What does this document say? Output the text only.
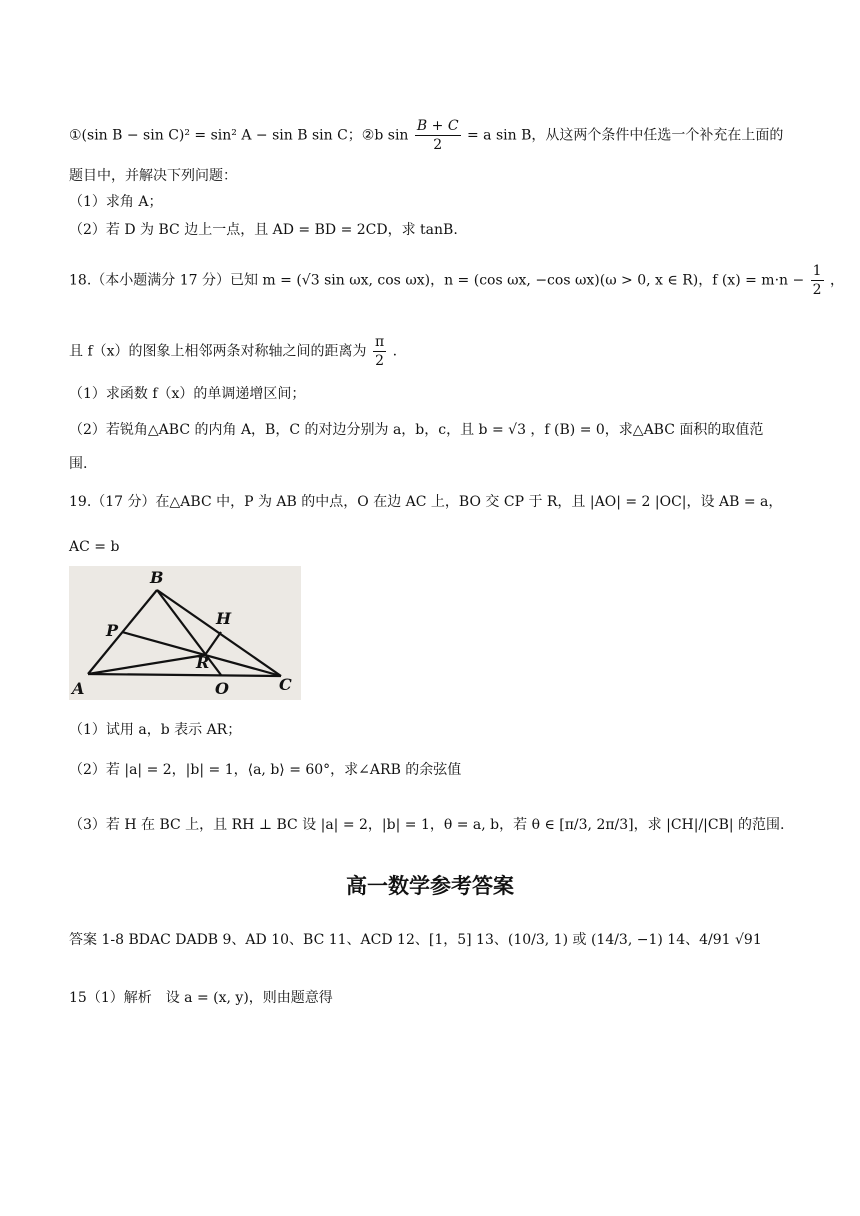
①(sin B − sin C)² = sin² A − sin B sin C；②b $\sin \frac{B + C}{2} = a$ sin B，从这两个条件中任选一个补充在上面的
题目中，并解决下列问题：
（1）求角 A；
（2）若 D 为 BC 边上一点，且 AD = BD = 2CD，求 tanB.
18.（本小题满分 17 分）已知 m = (√3 sin ωx, cos ωx)，n = (cos ωx, −cos ωx)(ω > 0, x ∈ R)，f $(x) = m\cdot n - \frac{1}{2}$ ，
且 f（x）的图象上相邻两条对称轴之间的距离为 $\frac{\pi}{2}$ .
（1）求函数 f（x）的单调递增区间；
（2）若锐角△ABC 的内角 A，B，C 的对边分别为 a，b，c，且 b = √3 ，f (B) = 0，求△ABC 面积的取值范
围.
19.（17 分）在△ABC 中，P 为 AB 的中点，O 在边 AC 上，BO 交 CP 于 R，且 |AO| = 2 |OC|，设 AB = a，
AC = b
B
H
P
R
A	O	C
（1）试用 a，b 表示 AR；
（2）若 |a| = 2，|b| = 1，⟨a, b⟩ = 60°，求∠ARB 的余弦值
（3）若 H 在 BC 上，且 RH ⊥ BC 设 |a| = 2，|b| = 1，θ = a, b，若 θ ∈ [π/3, 2π/3]，求 |CH|/|CB| 的范围.
高一数学参考答案
答案 1-8 BDAC DADB 9、AD 10、BC 11、ACD 12、[1，5] 13、(10/3, 1) 或 (14/3, −1) 14、4/91 √91
15（1）解析　设 a = (x, y)，则由题意得
